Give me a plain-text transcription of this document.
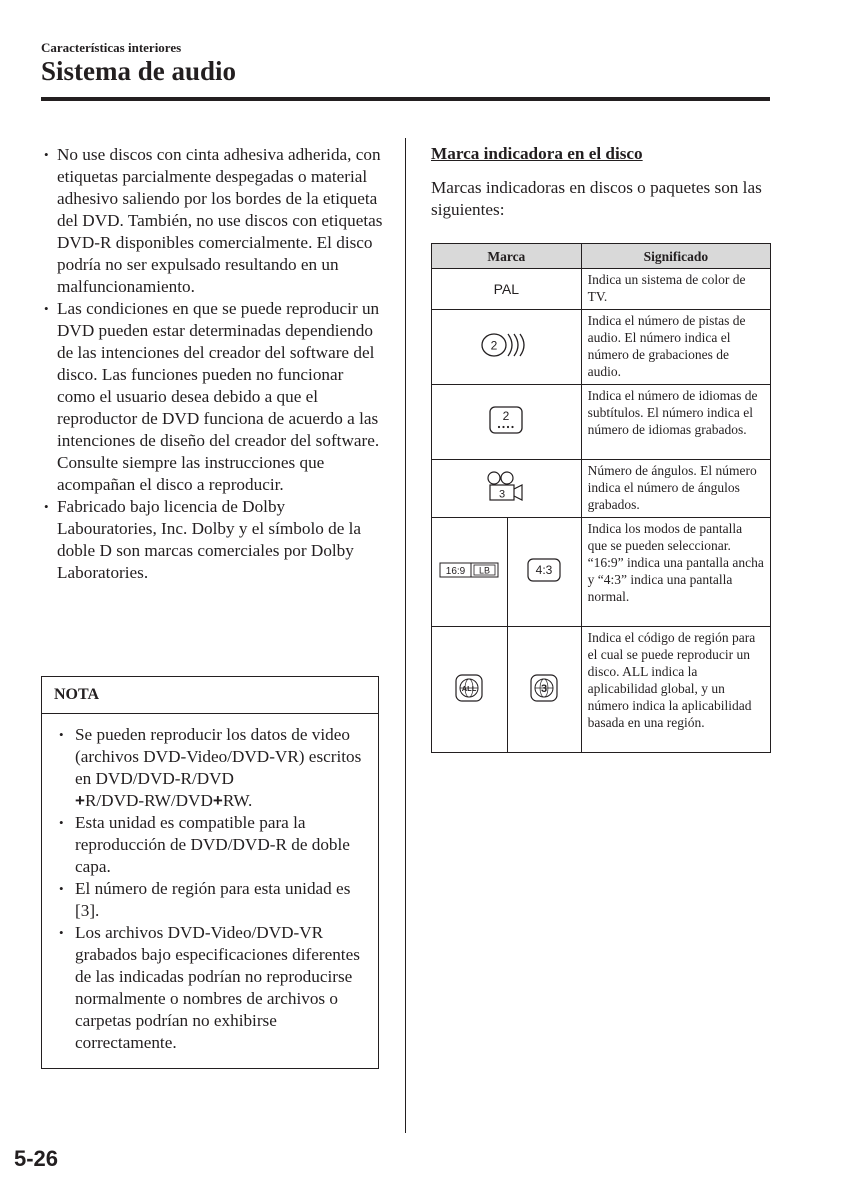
Características interiores
Sistema de audio
• No use discos con cinta adhesiva adherida, con etiquetas parcialmente despegadas o material adhesivo saliendo por los bordes de la etiqueta del DVD. También, no use discos con etiquetas DVD-R disponibles comercialmente. El disco podría no ser expulsado resultando en un malfuncionamiento.
• Las condiciones en que se puede reproducir un DVD pueden estar determinadas dependiendo de las intenciones del creador del software del disco. Las funciones pueden no funcionar como el usuario desea debido a que el reproductor de DVD funciona de acuerdo a las intenciones de diseño del creador del software. Consulte siempre las instrucciones que acompañan el disco a reproducir.
• Fabricado bajo licencia de Dolby Labouratories, Inc. Dolby y el símbolo de la doble D son marcas comerciales por Dolby Laboratories.
NOTA
• Se pueden reproducir los datos de video (archivos DVD-Video/DVD-VR) escritos en DVD/DVD-R/DVD
+R/DVD-RW/DVD+RW.
• Esta unidad es compatible para la reproducción de DVD/DVD-R de doble capa.
• El número de región para esta unidad es [3].
• Los archivos DVD-Video/DVD-VR grabados bajo especificaciones diferentes de las indicadas podrían no reproducirse normalmente o nombres de archivos o carpetas podrían no exhibirse correctamente.
Marca indicadora en el disco
Marcas indicadoras en discos o paquetes son las siguientes:
Marca		Significado
PAL		Indica un sistema de color de TV.

2		Indica el número de pistas de audio. El número indica el número de grabaciones de audio.

2		Indica el número de idiomas de subtítulos. El número indica el número de idiomas grabados.

3		Número de ángulos. El número indica el número de ángulos grabados.

16:9 LB	4:3	Indica los modos de pantalla que se pueden seleccionar. “16:9” indica una pantalla ancha y “4:3” indica una pantalla normal.

ALL	3	Indica el código de región para el cual se puede reproducir un disco. ALL indica la aplicabilidad global, y un número indica la aplicabilidad basada en una región.
5-26
